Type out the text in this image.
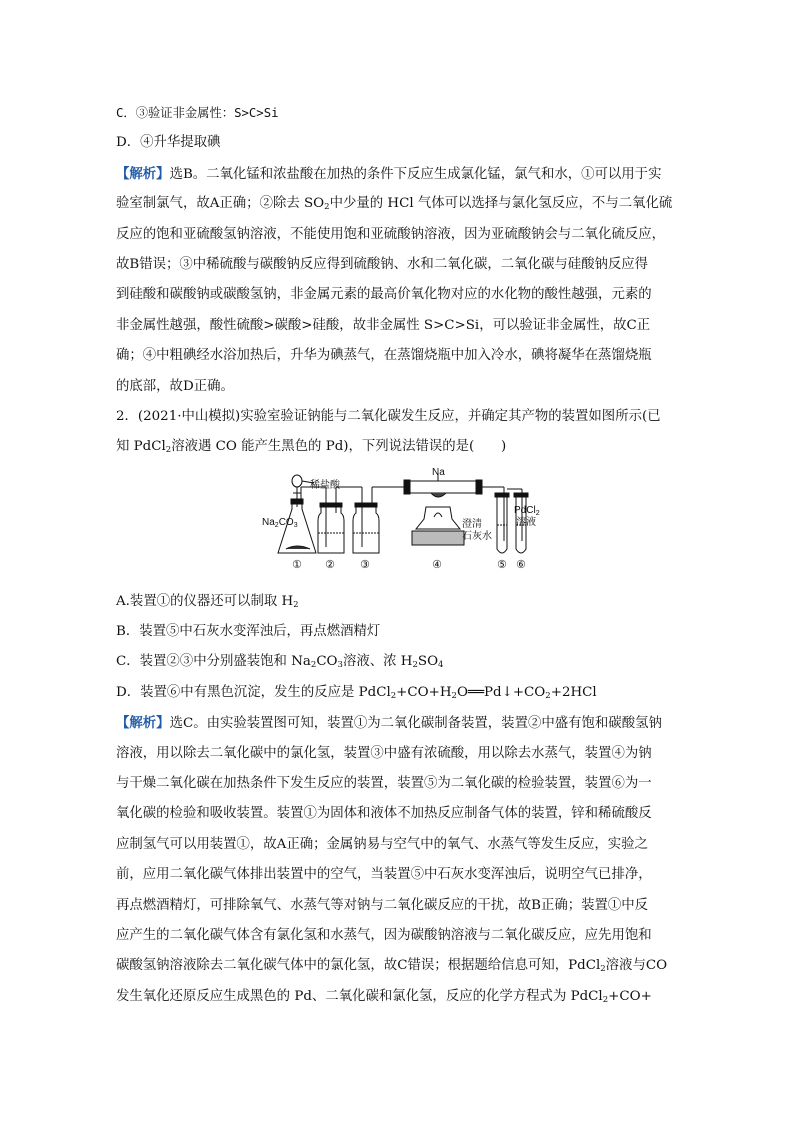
C．③验证非金属性：S>C>Si
D．④升华提取碘
【解析】选B。二氧化锰和浓盐酸在加热的条件下反应生成氯化锰，氯气和水，①可以用于实
验室制氯气，故A正确；②除去 $SO_2$中少量的 HCl 气体可以选择与氯化氢反应，不与二氧化硫
反应的饱和亚硫酸氢钠溶液，不能使用饱和亚硫酸钠溶液，因为亚硫酸钠会与二氧化硫反应，
故B错误；③中稀硫酸与碳酸钠反应得到硫酸钠、水和二氧化碳，二氧化碳与硅酸钠反应得
到硅酸和碳酸钠或碳酸氢钠，非金属元素的最高价氧化物对应的水化物的酸性越强，元素的
非金属性越强，酸性硫酸>碳酸>硅酸，故非金属性 S>C>Si，可以验证非金属性，故C正
确；④中粗碘经水浴加热后，升华为碘蒸气，在蒸馏烧瓶中加入冷水，碘将凝华在蒸馏烧瓶
的底部，故D正确。
2．(2021·中山模拟)实验室验证钠能与二氧化碳发生反应，并确定其产物的装置如图所示(已
知 PdCl$_2$溶液遇 CO 能产生黑色的 Pd)，下列说法错误的是(　　)
稀盐酸
Na
$Na_2CO_3$	澄清
石灰水
PdCl$_2$
溶液
① ② ③	④	⑤ ⑥
A.装置①的仪器还可以制取 $H_2$
B．装置⑤中石灰水变浑浊后，再点燃酒精灯
C．装置②③中分别盛装饱和 $Na_2CO_3$溶液、浓 $H_2SO_4$
D．装置⑥中有黑色沉淀，发生的反应是 $PdCl_2+CO+H_2O══Pd↓+CO_2+2HCl$
【解析】选C。由实验装置图可知，装置①为二氧化碳制备装置，装置②中盛有饱和碳酸氢钠
溶液，用以除去二氧化碳中的氯化氢，装置③中盛有浓硫酸，用以除去水蒸气，装置④为钠
与干燥二氧化碳在加热条件下发生反应的装置，装置⑤为二氧化碳的检验装置，装置⑥为一
氧化碳的检验和吸收装置。装置①为固体和液体不加热反应制备气体的装置，锌和稀硫酸反
应制氢气可以用装置①，故A正确；金属钠易与空气中的氧气、水蒸气等发生反应，实验之
前，应用二氧化碳气体排出装置中的空气，当装置⑤中石灰水变浑浊后，说明空气已排净，
再点燃酒精灯，可排除氧气、水蒸气等对钠与二氧化碳反应的干扰，故B正确；装置①中反
应产生的二氧化碳气体含有氯化氢和水蒸气，因为碳酸钠溶液与二氧化碳反应，应先用饱和
碳酸氢钠溶液除去二氧化碳气体中的氯化氢，故C错误；根据题给信息可知，PdCl$_2$溶液与CO
发生氧化还原反应生成黑色的 Pd、二氧化碳和氯化氢，反应的化学方程式为 PdCl$_2$+CO+
